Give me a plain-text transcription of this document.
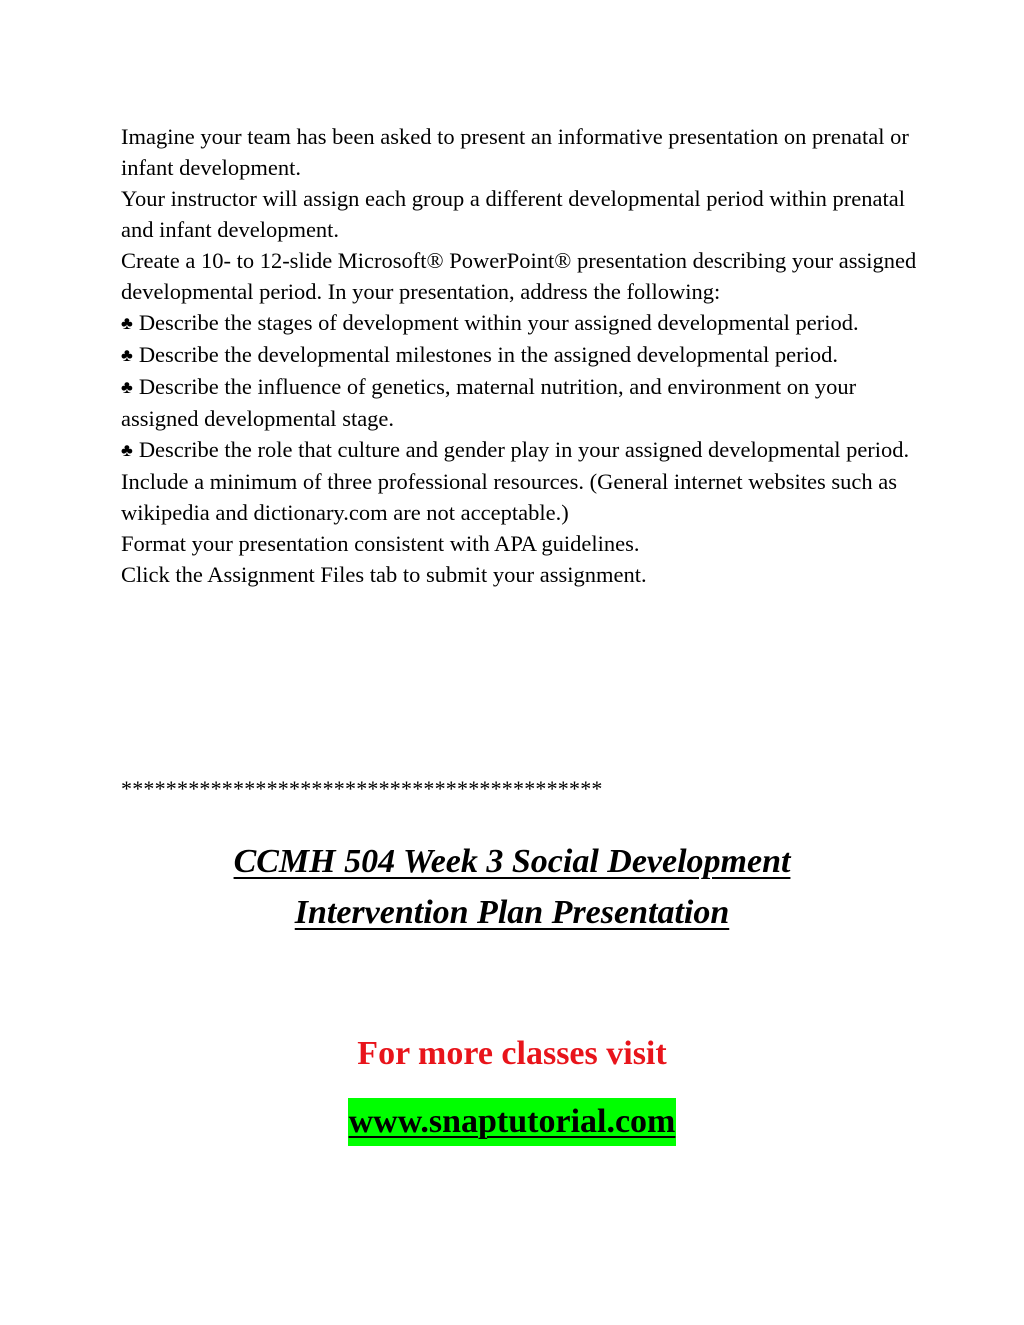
Imagine your team has been asked to present an informative presentation on prenatal or infant development.

Your instructor will assign each group a different developmental period within prenatal and infant development.

Create a 10- to 12-slide Microsoft® PowerPoint® presentation describing your assigned developmental period. In your presentation, address the following:

♣ Describe the stages of development within your assigned developmental period.

♣ Describe the developmental milestones in the assigned developmental period.

♣ Describe the influence of genetics, maternal nutrition, and environment on your assigned developmental stage.

♣ Describe the role that culture and gender play in your assigned developmental period.

Include a minimum of three professional resources. (General internet websites such as wikipedia and dictionary.com are not acceptable.)

Format your presentation consistent with APA guidelines.

Click the Assignment Files tab to submit your assignment.

*******************************************
CCMH 504 Week 3 Social Development
Intervention Plan Presentation
For more classes visit
www.snaptutorial.com
